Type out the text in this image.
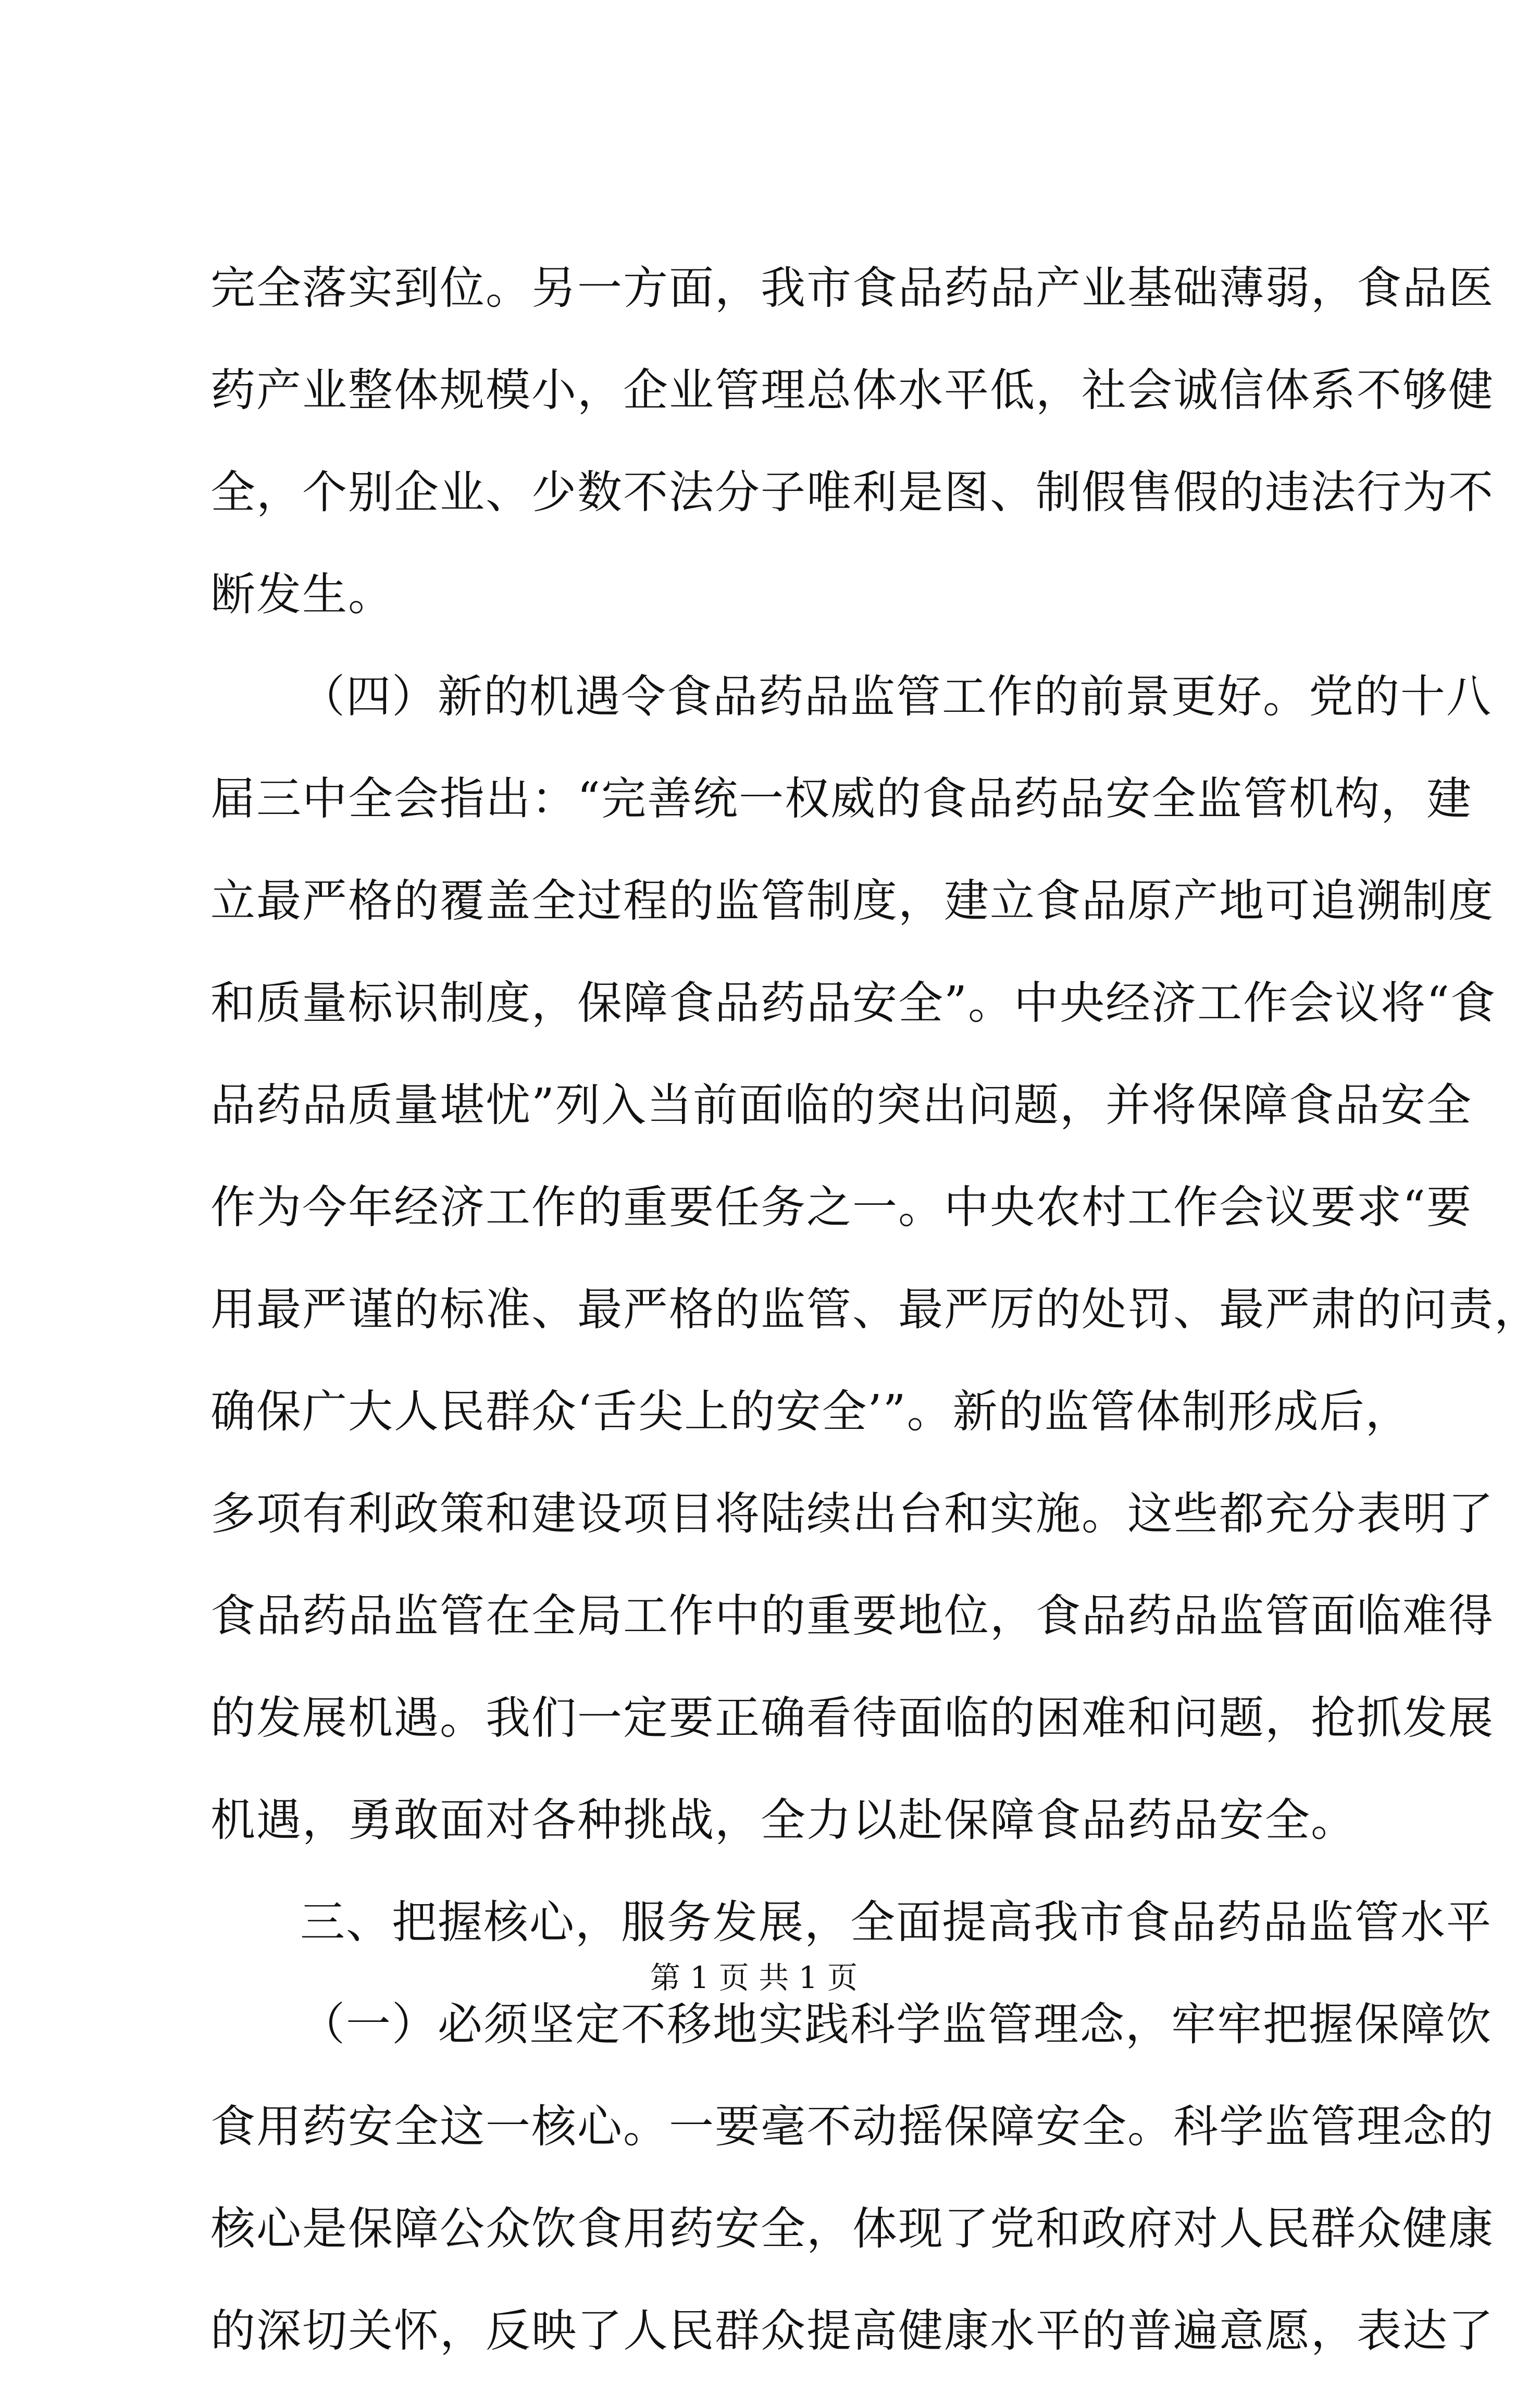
完全落实到位。另一方面，我市食品药品产业基础薄弱，食品医
药产业整体规模小，企业管理总体水平低，社会诚信体系不够健
全，个别企业、少数不法分子唯利是图、制假售假的违法行为不
断发生。
（四）新的机遇令食品药品监管工作的前景更好。党的十八
届三中全会指出：“完善统一权威的食品药品安全监管机构，建
立最严格的覆盖全过程的监管制度，建立食品原产地可追溯制度
和质量标识制度，保障食品药品安全”。中央经济工作会议将“食
品药品质量堪忧”列入当前面临的突出问题，并将保障食品安全
作为今年经济工作的重要任务之一。中央农村工作会议要求“要
用最严谨的标准、最严格的监管、最严厉的处罚、最严肃的问责，
确保广大人民群众‘舌尖上的安全’”。新的监管体制形成后，
多项有利政策和建设项目将陆续出台和实施。这些都充分表明了
食品药品监管在全局工作中的重要地位，食品药品监管面临难得
的发展机遇。我们一定要正确看待面临的困难和问题，抢抓发展
机遇，勇敢面对各种挑战，全力以赴保障食品药品安全。
三、把握核心，服务发展，全面提高我市食品药品监管水平
（一）必须坚定不移地实践科学监管理念，牢牢把握保障饮
食用药安全这一核心。一要毫不动摇保障安全。科学监管理念的
核心是保障公众饮食用药安全，体现了党和政府对人民群众健康
的深切关怀，反映了人民群众提高健康水平的普遍意愿，表达了
第 1 页 共 1 页
